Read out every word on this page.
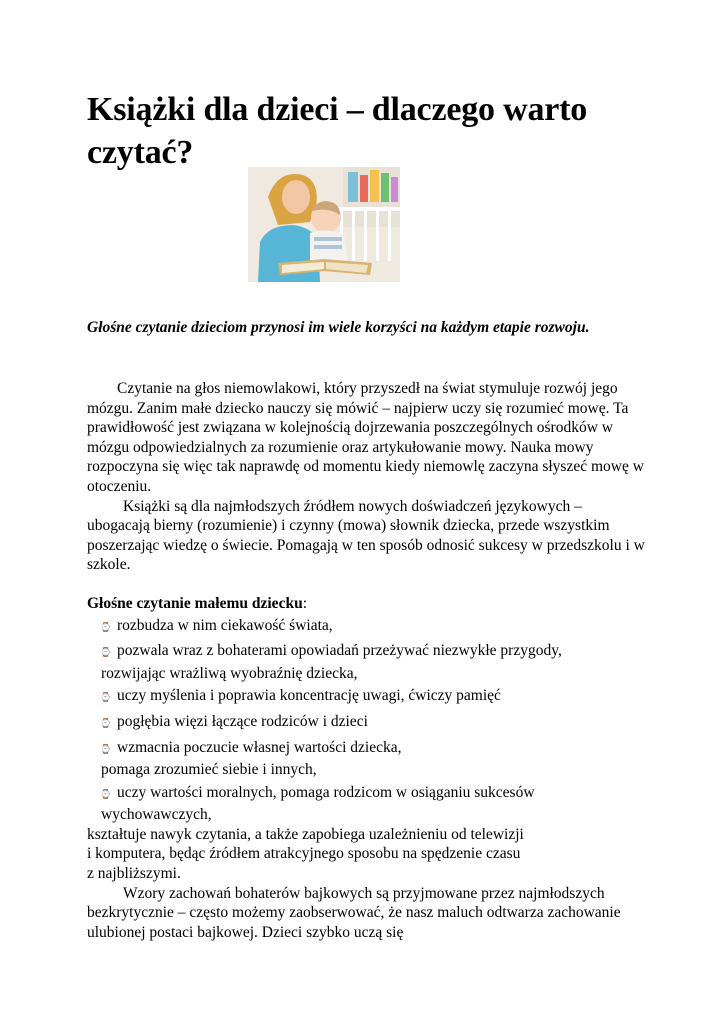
Książki dla dzieci – dlaczego warto czytać?
Głośne czytanie dzieciom przynosi im wiele korzyści na każdym etapie rozwoju.

Czytanie na głos niemowlakowi, który przyszedł na świat stymuluje rozwój jego mózgu. Zanim małe dziecko nauczy się mówić – najpierw uczy się rozumieć mowę. Ta prawidłowość jest związana w kolejnością dojrzewania poszczególnych ośrodków w mózgu odpowiedzialnych za rozumienie oraz artykułowanie mowy. Nauka mowy rozpoczyna się więc tak naprawdę od momentu kiedy niemowlę zaczyna słyszeć mowę w otoczeniu.

Książki są dla najmłodszych źródłem nowych doświadczeń językowych – ubogacają bierny (rozumienie) i czynny (mowa) słownik dziecka, przede wszystkim poszerzając wiedzę o świecie. Pomagają w ten sposób odnosić sukcesy w przedszkolu i w szkole.

Głośne czytanie małemu dziecku:

⌚ rozbudza w nim ciekawość świata,
⌚ pozwala wraz z bohaterami opowiadań przeżywać niezwykłe przygody,

rozwijając wrażliwą wyobraźnię dziecka,

⌚ uczy myślenia i poprawia koncentrację uwagi, ćwiczy pamięć
⌚ pogłębia więzi łączące rodziców i dzieci
⌚ wzmacnia poczucie własnej wartości dziecka,

pomaga zrozumieć siebie i innych,

⌚ uczy wartości moralnych, pomaga rodzicom w osiąganiu sukcesów

wychowawczych,

kształtuje nawyk czytania, a także zapobiega uzależnieniu od telewizji

i komputera, będąc źródłem atrakcyjnego sposobu na spędzenie czasu

z najbliższymi.

Wzory zachowań bohaterów bajkowych są przyjmowane przez najmłodszych bezkrytycznie – często możemy zaobserwować, że nasz maluch odtwarza zachowanie ulubionej postaci bajkowej. Dzieci szybko uczą się
